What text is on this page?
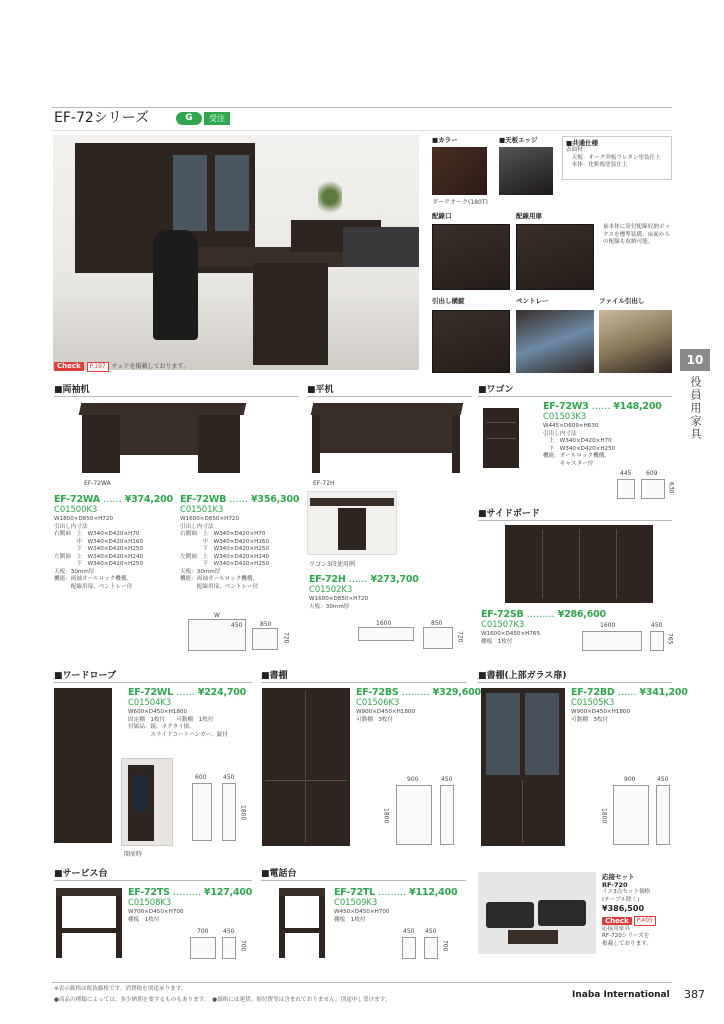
EF-72シリーズ	G	受注
Check	P.197	チェアを掲載しております。
■カラー
ダークオーク(180T)
■天板エッジ	■共通仕様
表面材：
　天板：オーク突板ウレタン塗装仕上
　本体：化粧板塗装仕上
配線口	配線用扉
袖本体に扉付配線収納ボックスを標準装備。床面からの配線も収納可能。
引出し横錠	ペントレー	ファイル引出し
10
役員用家具
■両袖机	■平机	■ワゴン
EF-72WA
EF-72WA …… ¥374,200
C01500K3
W1800×D850×H720
引出し内寸法
右側袖　上　W340×D420×H70
　　　　中　W340×D420×H160
　　　　下　W340×D420×H250
左側袖　上　W340×D420×H240
　　　　下　W340×D420×H250
天板：30mm厚
機能：両袖オールロック機構、
　　　配線用扉、ペントレー付
EF-72WB …… ¥356,300
C01501K3
W1600×D850×H720
引出し内寸法
右側袖　上　W340×D420×H70
　　　　中　W340×D420×H160
　　　　下　W340×D420×H250
左側袖　上　W340×D420×H240
　　　　下　W340×D420×H250
天板：30mm厚
機能：両袖オールロック機構、
　　　配線用扉、ペントレー付
W
450	850
720
EF-72H
ワゴン3段使用例
EF-72H …… ¥273,700
C01502K3
W1600×D850×H720
天板：30mm厚
1600	850
720
EF-72W3 …… ¥148,200
C01503K3
W445×D609×H630
引出し内寸法
　上　W340×D420×H70
　下　W340×D420×H250
機能：オールロック機構、
　　　キャスター付
445 609
630
■サイドボード
EF-72SB ……… ¥286,600
C01507K3
W1600×D450×H765
棚板　1枚付
1600	450
765
■ワードローブ	■書棚	■書棚(上部ガラス扉)
EF-72WL …… ¥224,700
C01504K3
W600×D450×H1800
固定棚　1枚付　　可動棚　1枚付
付属品：鏡、ネクタイ掛、
　　　　スライドコートハンガー、錠付
開扉時
600	450
1800
EF-72BS ……… ¥329,600
C01506K3
W900×D450×H1800
可動棚　3枚付
900	450
1800
EF-72BD …… ¥341,200
C01505K3
W900×D450×H1800
可動棚　3枚付
900	450
1800
■サービス台	■電話台
EF-72TS ……… ¥127,400
C01508K3
W700×D450×H700
棚板　1枚付
700 450
700
EF-72TL ……… ¥112,400
C01509K3
W450×D450×H700
棚板　1枚付
450 450
700
応接セット
RF-720
イス3点セット価格
(テーブル除く)
¥386,500
Check	P.405
応接用家具
RF-720シリーズを
掲載しております。
※表示価格は税抜価格です。消費税を別途承ります。
●商品の種類によっては、多少納期を要するものもあります。　●価格には運賃、据付費等は含まれておりません。別途申し受けます。	Inaba International 387
